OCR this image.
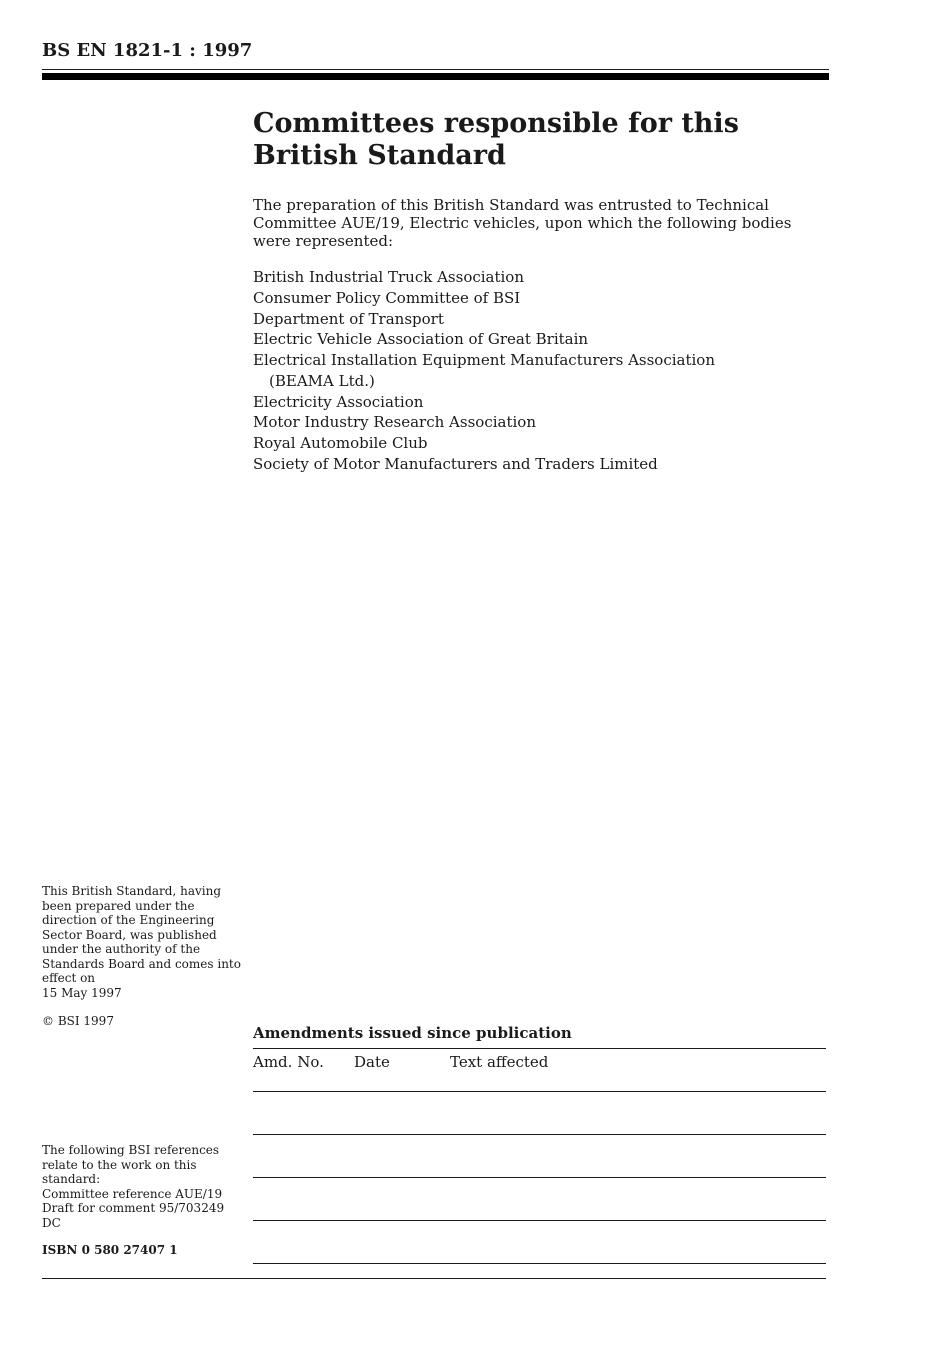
BS EN 1821-1 : 1997
Committees responsible for this
British Standard

The preparation of this British Standard was entrusted to Technical Committee AUE/19, Electric vehicles, upon which the following bodies were represented:

British Industrial Truck Association
Consumer Policy Committee of BSI
Department of Transport
Electric Vehicle Association of Great Britain
Electrical Installation Equipment Manufacturers Association
(BEAMA Ltd.)
Electricity Association
Motor Industry Research Association
Royal Automobile Club
Society of Motor Manufacturers and Traders Limited
This British Standard, having
been prepared under the
direction of the Engineering
Sector Board, was published
under the authority of the
Standards Board and comes into
effect on
15 May 1997
© BSI 1997
The following BSI references
relate to the work on this
standard:
Committee reference AUE/19
Draft for comment 95/703249 DC
ISBN 0 580 27407 1
Amendments issued since publication
Amd. No. Date	Text affected
